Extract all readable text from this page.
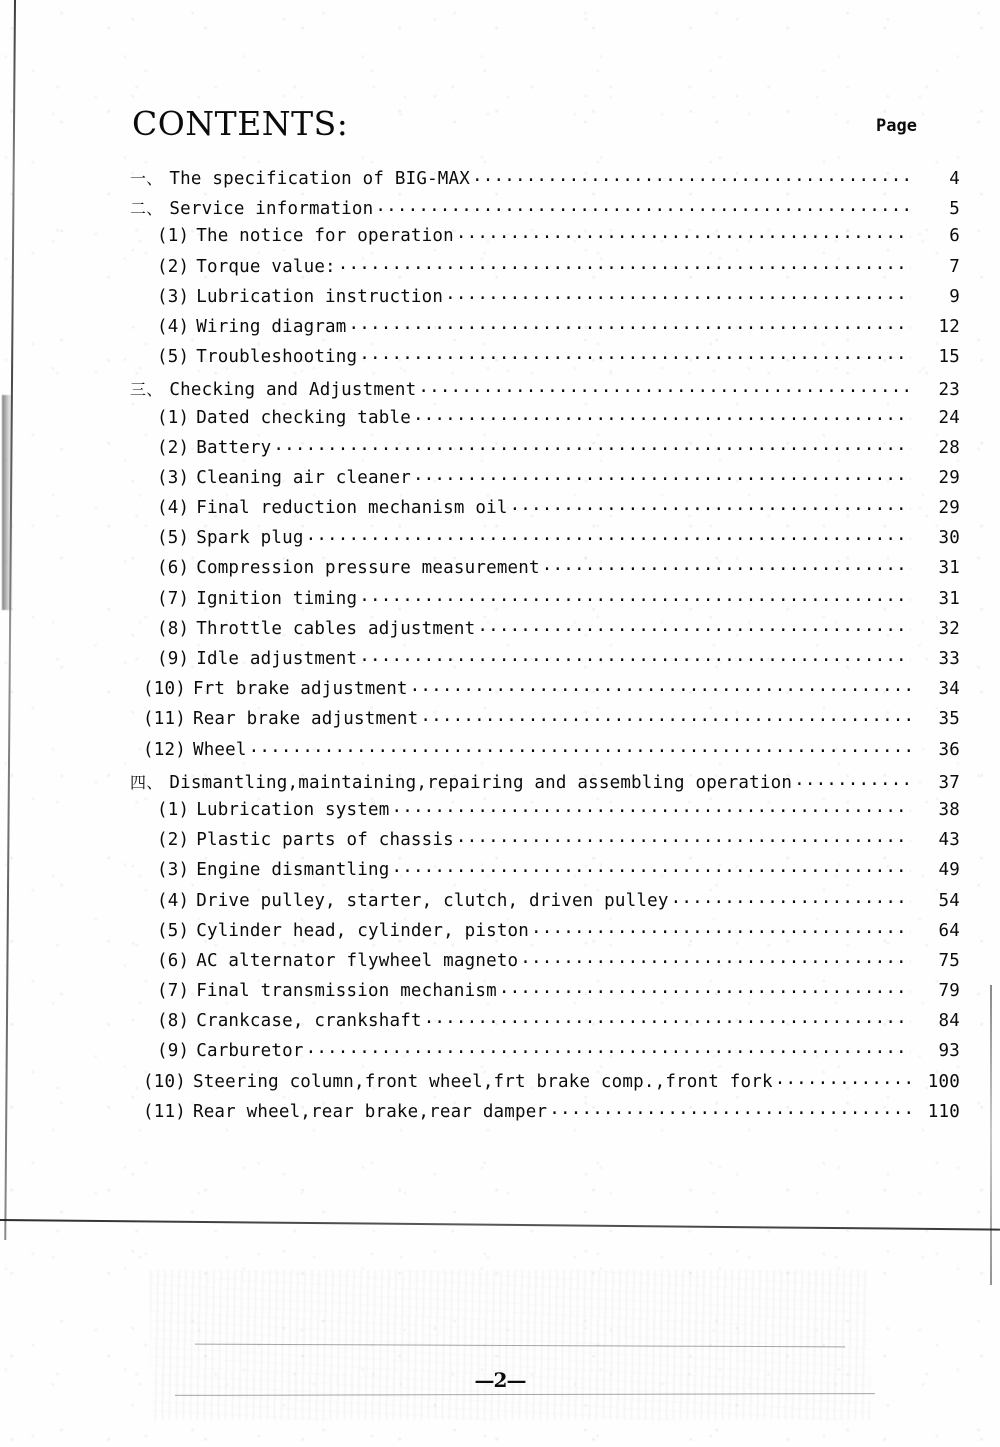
CONTENTS:	Page
一、 The specification of BIG-MAX .....	4
二、 Service information .....	5
(1) The notice for operation .....	6
(2) Torque value: .....	7
(3) Lubrication instruction .....	9
(4) Wiring diagram .....	12
(5) Troubleshooting .....	15
三、 Checking and Adjustment .....	23
(1) Dated checking table .....	24
(2) Battery .....	28
(3) Cleaning air cleaner .....	29
(4) Final reduction mechanism oil .....	29
(5) Spark plug .....	30
(6) Compression pressure measurement .....	31
(7) Ignition timing .....	31
(8) Throttle cables adjustment .....	32
(9) Idle adjustment .....	33
(10) Frt brake adjustment .....	34
(11) Rear brake adjustment .....	35
(12) Wheel .....	36
四、 Dismantling,maintaining,repairing and assembling operation .....	37
(1) Lubrication system .....	38
(2) Plastic parts of chassis .....	43
(3) Engine dismantling .....	49
(4) Drive pulley, starter, clutch, driven pulley .....	54
(5) Cylinder head, cylinder, piston .....	64
(6) AC alternator flywheel magneto .....	75
(7) Final transmission mechanism .....	79
(8) Crankcase, crankshaft .....	84
(9) Carburetor .....	93
(10) Steering column,front wheel,frt brake comp.,front fork .....	100
(11) Rear wheel,rear brake,rear damper .....	110
—2—
